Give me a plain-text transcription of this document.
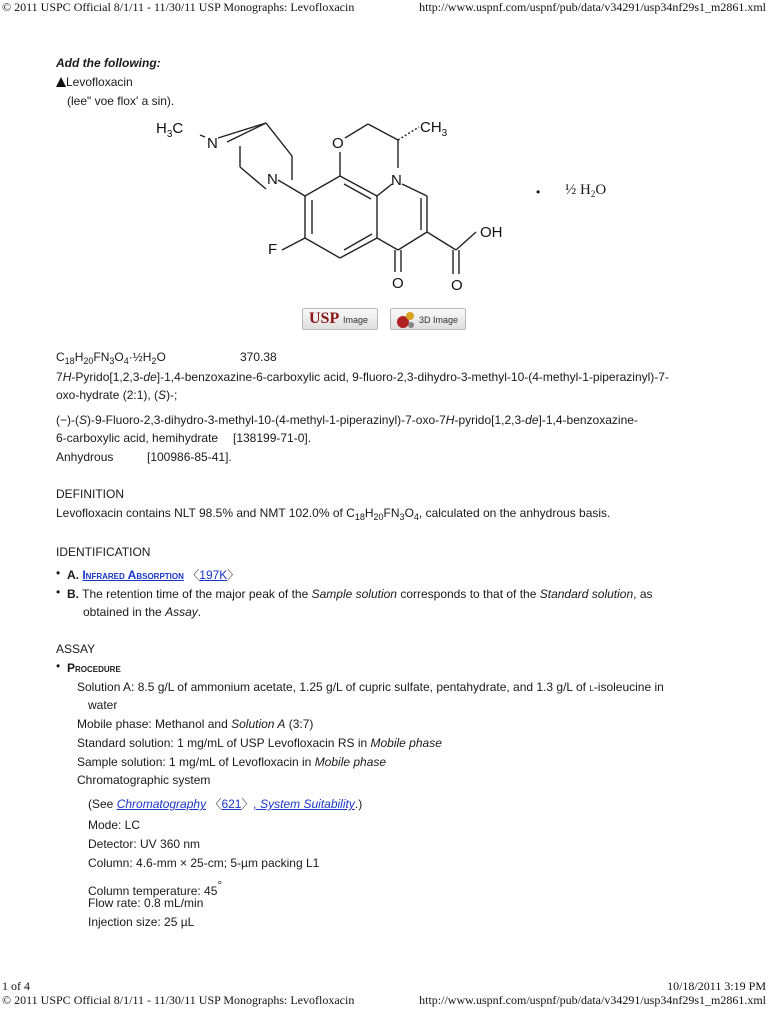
© 2011 USPC Official 8/1/11 - 11/30/11 USP Monographs: Levofloxacin	http://www.uspnf.com/uspnf/pub/data/v34291/usp34nf29s1_m2861.xml
Add the following:
Levofloxacin
(lee" voe flox' a sin).
$H_3C$
N
N
O
$CH_3$
N
OH
F
O	O
• ½ $H_2O$
USP Image	3D Image
$C_{18}H_{20}FN_3O_4\cdot\frac{1}{2}H_2O$	370.38
7H-Pyrido[1,2,3-de]-1,4-benzoxazine-6-carboxylic acid, 9-fluoro-2,3-dihydro-3-methyl-10-(4-methyl-1-piperazinyl)-7-
oxo-hydrate (2:1), (S)-;
(−)-(S)-9-Fluoro-2,3-dihydro-3-methyl-10-(4-methyl-1-piperazinyl)-7-oxo-7H-pyrido[1,2,3-de]-1,4-benzoxazine-
6-carboxylic acid, hemihydrate [138199-71-0].
Anhydrous	[100986-85-41].
DEFINITION
Levofloxacin contains NLT 98.5% and NMT 102.0% of $C_{18}H_{20}FN_3O_4$, calculated on the anhydrous basis.
IDENTIFICATION
• A. Infrared Absorption 〈197K〉
• B. The retention time of the major peak of the Sample solution corresponds to that of the Standard solution, as
obtained in the Assay.
ASSAY
• Procedure
Solution A: 8.5 g/L of ammonium acetate, 1.25 g/L of cupric sulfate, pentahydrate, and 1.3 g/L of l-isoleucine in
water
Mobile phase: Methanol and Solution A (3:7)
Standard solution: 1 mg/mL of USP Levofloxacin RS in Mobile phase
Sample solution: 1 mg/mL of Levofloxacin in Mobile phase
Chromatographic system
(See Chromatography 〈621〉, System Suitability.)
Mode: LC
Detector: UV 360 nm
Column: 4.6-mm × 25-cm; 5-µm packing L1
Column temperature: 45°
Flow rate: 0.8 mL/min
Injection size: 25 µL
1 of 4	10/18/2011 3:19 PM
© 2011 USPC Official 8/1/11 - 11/30/11 USP Monographs: Levofloxacin	http://www.uspnf.com/uspnf/pub/data/v34291/usp34nf29s1_m2861.xml
